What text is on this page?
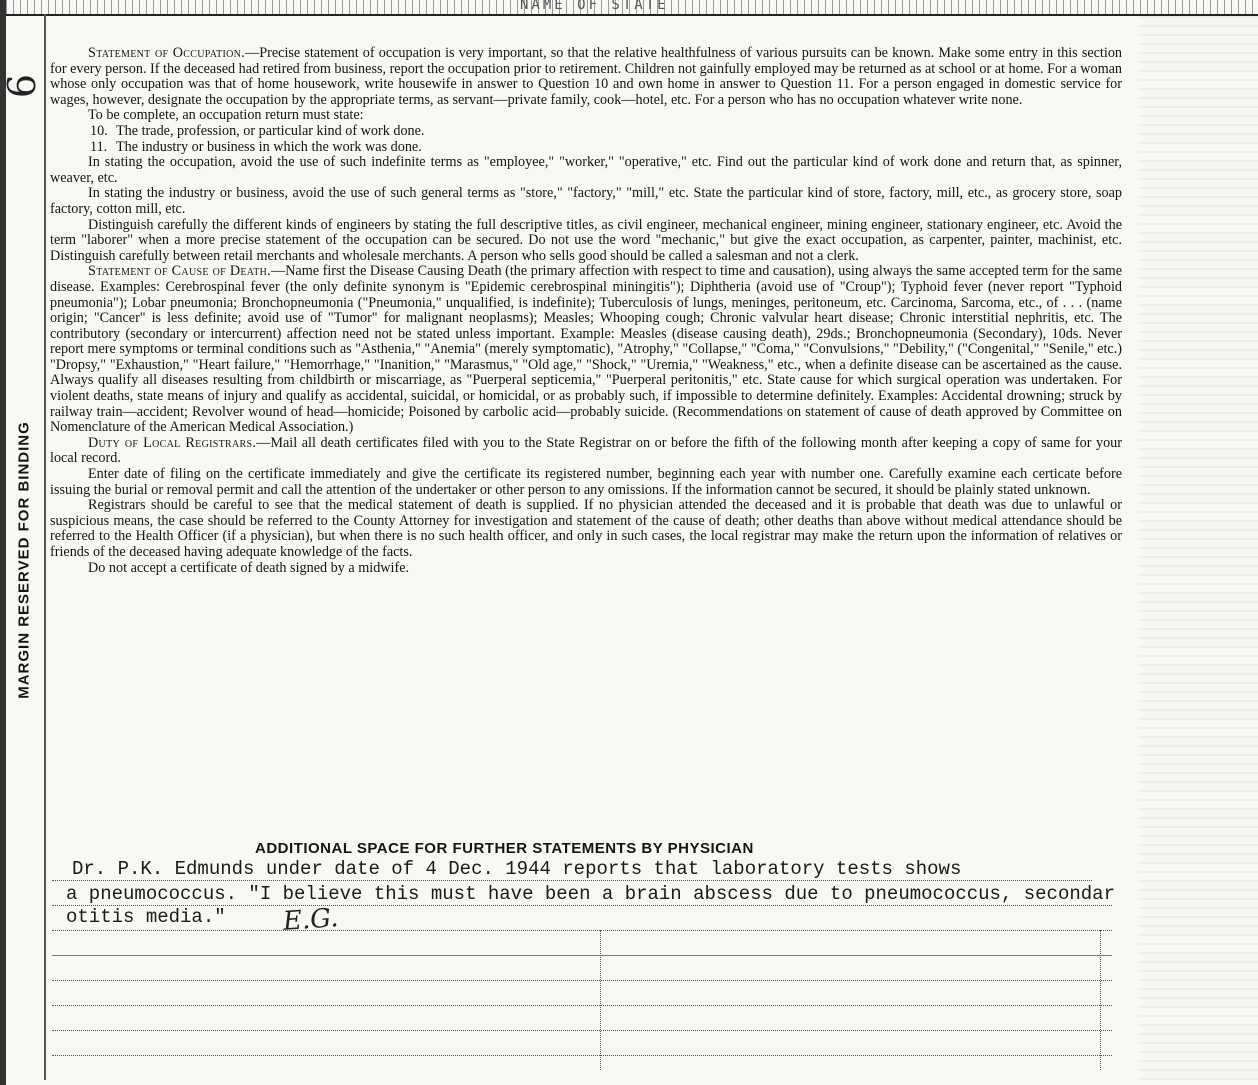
NAME OF STATE
6
MARGIN RESERVED FOR BINDING

Statement of Occupation.—Precise statement of occupation is very important, so that the relative healthfulness of various pursuits can be known. Make some entry in this section for every person. If the deceased had retired from business, report the occupation prior to retirement. Children not gainfully employed may be returned as at school or at home. For a woman whose only occupation was that of home housework, write housewife in answer to Question 10 and own home in answer to Question 11. For a person engaged in domestic service for wages, however, designate the occupation by the appropriate terms, as servant—private family, cook—hotel, etc. For a person who has no occupation whatever write none.

To be complete, an occupation return must state:

10. The trade, profession, or particular kind of work done.

11. The industry or business in which the work was done.

In stating the occupation, avoid the use of such indefinite terms as "employee," "worker," "operative," etc. Find out the particular kind of work done and return that, as spinner, weaver, etc.

In stating the industry or business, avoid the use of such general terms as "store," "factory," "mill," etc. State the particular kind of store, factory, mill, etc., as grocery store, soap factory, cotton mill, etc.

Distinguish carefully the different kinds of engineers by stating the full descriptive titles, as civil engineer, mechanical engineer, mining engineer, stationary engineer, etc. Avoid the term "laborer" when a more precise statement of the occupation can be secured. Do not use the word "mechanic," but give the exact occupation, as carpenter, painter, machinist, etc. Distinguish carefully between retail merchants and wholesale merchants. A person who sells good should be called a salesman and not a clerk.

Statement of Cause of Death.—Name first the Disease Causing Death (the primary affection with respect to time and causation), using always the same accepted term for the same disease. Examples: Cerebrospinal fever (the only definite synonym is "Epidemic cerebrospinal miningitis"); Diphtheria (avoid use of "Croup"); Typhoid fever (never report "Typhoid pneumonia"); Lobar pneumonia; Bronchopneumonia ("Pneumonia," unqualified, is indefinite); Tuberculosis of lungs, meninges, peritoneum, etc. Carcinoma, Sarcoma, etc., of . . . (name origin; "Cancer" is less definite; avoid use of "Tumor" for malignant neoplasms); Measles; Whooping cough; Chronic valvular heart disease; Chronic interstitial nephritis, etc. The contributory (secondary or intercurrent) affection need not be stated unless important. Example: Measles (disease causing death), 29ds.; Bronchopneumonia (Secondary), 10ds. Never report mere symptoms or terminal conditions such as "Asthenia," "Anemia" (merely symptomatic), "Atrophy," "Collapse," "Coma," "Convulsions," "Debility," ("Congenital," "Senile," etc.) "Dropsy," "Exhaustion," "Heart failure," "Hemorrhage," "Inanition," "Marasmus," "Old age," "Shock," "Uremia," "Weakness," etc., when a definite disease can be ascertained as the cause. Always qualify all diseases resulting from childbirth or miscarriage, as "Puerperal septicemia," "Puerperal peritonitis," etc. State cause for which surgical operation was undertaken. For violent deaths, state means of injury and qualify as accidental, suicidal, or homicidal, or as probably such, if impossible to determine definitely. Examples: Accidental drowning; struck by railway train—accident; Revolver wound of head—homicide; Poisoned by carbolic acid—probably suicide. (Recommendations on statement of cause of death approved by Committee on Nomenclature of the American Medical Association.)

Duty of Local Registrars.—Mail all death certificates filed with you to the State Registrar on or before the fifth of the following month after keeping a copy of same for your local record.

Enter date of filing on the certificate immediately and give the certificate its registered number, beginning each year with number one. Carefully examine each certicate before issuing the burial or removal permit and call the attention of the undertaker or other person to any omissions. If the information cannot be secured, it should be plainly stated unknown.

Registrars should be careful to see that the medical statement of death is supplied. If no physician attended the deceased and it is probable that death was due to unlawful or suspicious means, the case should be referred to the County Attorney for investigation and statement of the cause of death; other deaths than above without medical attendance should be referred to the Health Officer (if a physician), but when there is no such health officer, and only in such cases, the local registrar may make the return upon the information of relatives or friends of the deceased having adequate knowledge of the facts.

Do not accept a certificate of death signed by a midwife.

ADDITIONAL SPACE FOR FURTHER STATEMENTS BY PHYSICIAN
Dr. P.K. Edmunds under date of 4 Dec. 1944 reports that laboratory tests shows
a pneumococcus. "I believe this must have been a brain abscess due to pneumococcus, secondar
otitis media."	E.G.
